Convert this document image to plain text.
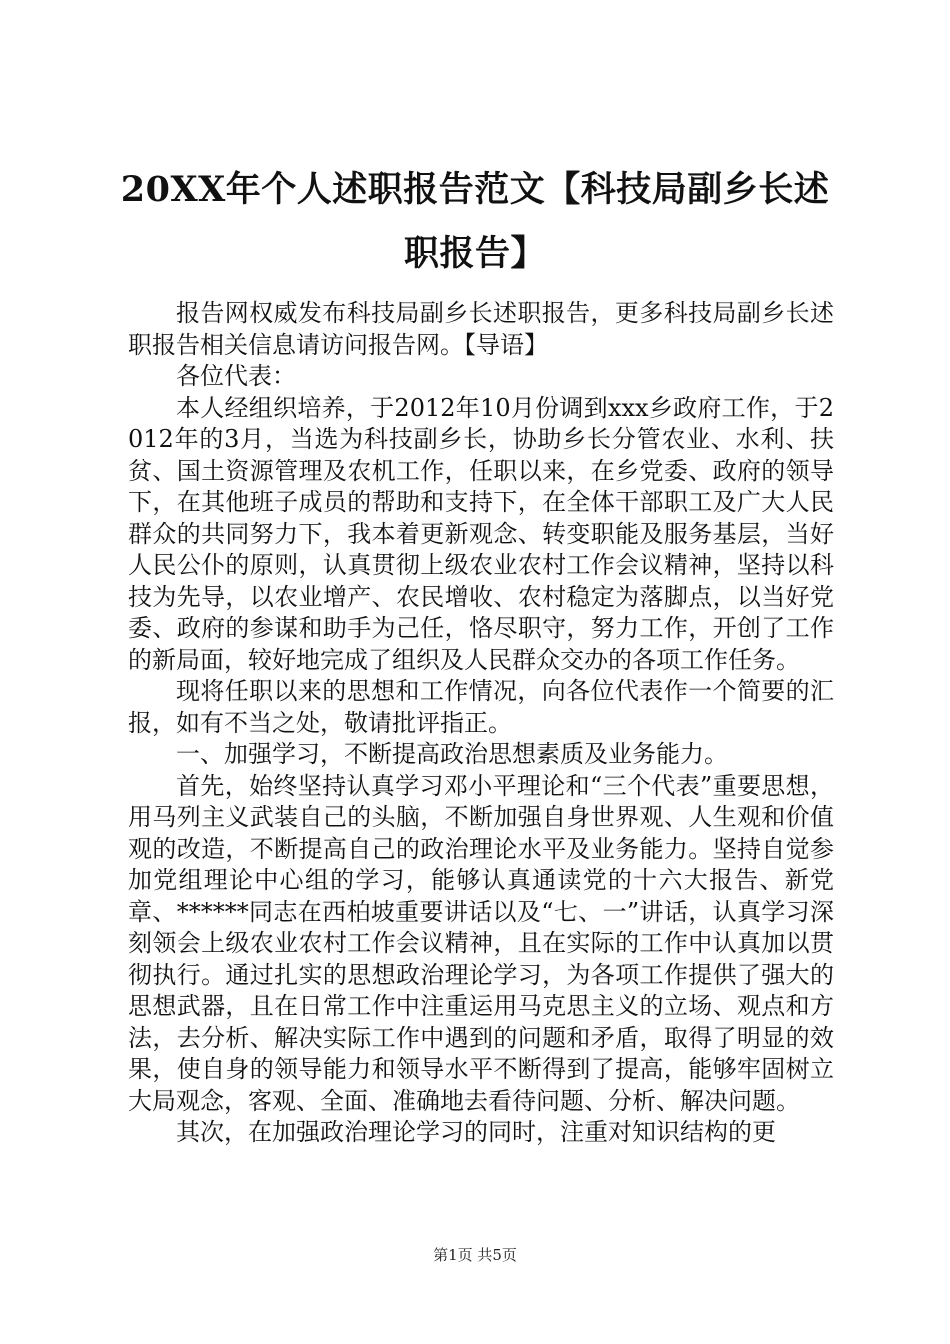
20XX年个人述职报告范文【科技局副乡长述
职报告】

报告网权威发布科技局副乡长述职报告，更多科技局副乡长述职报告相关信息请访问报告网。【导语】

各位代表：

本人经组织培养，于2012年10月份调到xxx乡政府工作，于2012年的3月，当选为科技副乡长，协助乡长分管农业、水利、扶贫、国土资源管理及农机工作，任职以来，在乡党委、政府的领导下，在其他班子成员的帮助和支持下，在全体干部职工及广大人民群众的共同努力下，我本着更新观念、转变职能及服务基层，当好人民公仆的原则，认真贯彻上级农业农村工作会议精神，坚持以科技为先导，以农业增产、农民增收、农村稳定为落脚点，以当好党委、政府的参谋和助手为己任，恪尽职守，努力工作，开创了工作的新局面，较好地完成了组织及人民群众交办的各项工作任务。

现将任职以来的思想和工作情况，向各位代表作一个简要的汇报，如有不当之处，敬请批评指正。

一、加强学习，不断提高政治思想素质及业务能力。

首先，始终坚持认真学习邓小平理论和“三个代表”重要思想，用马列主义武装自己的头脑，不断加强自身世界观、人生观和价值观的改造，不断提高自己的政治理论水平及业务能力。坚持自觉参加党组理论中心组的学习，能够认真通读党的十六大报告、新党章、******同志在西柏坡重要讲话以及“七、一”讲话，认真学习深刻领会上级农业农村工作会议精神，且在实际的工作中认真加以贯彻执行。通过扎实的思想政治理论学习，为各项工作提供了强大的思想武器，且在日常工作中注重运用马克思主义的立场、观点和方法，去分析、解决实际工作中遇到的问题和矛盾，取得了明显的效果，使自身的领导能力和领导水平不断得到了提高，能够牢固树立大局观念，客观、全面、准确地去看待问题、分析、解决问题。

其次，在加强政治理论学习的同时，注重对知识结构的更

第1页 共5页
